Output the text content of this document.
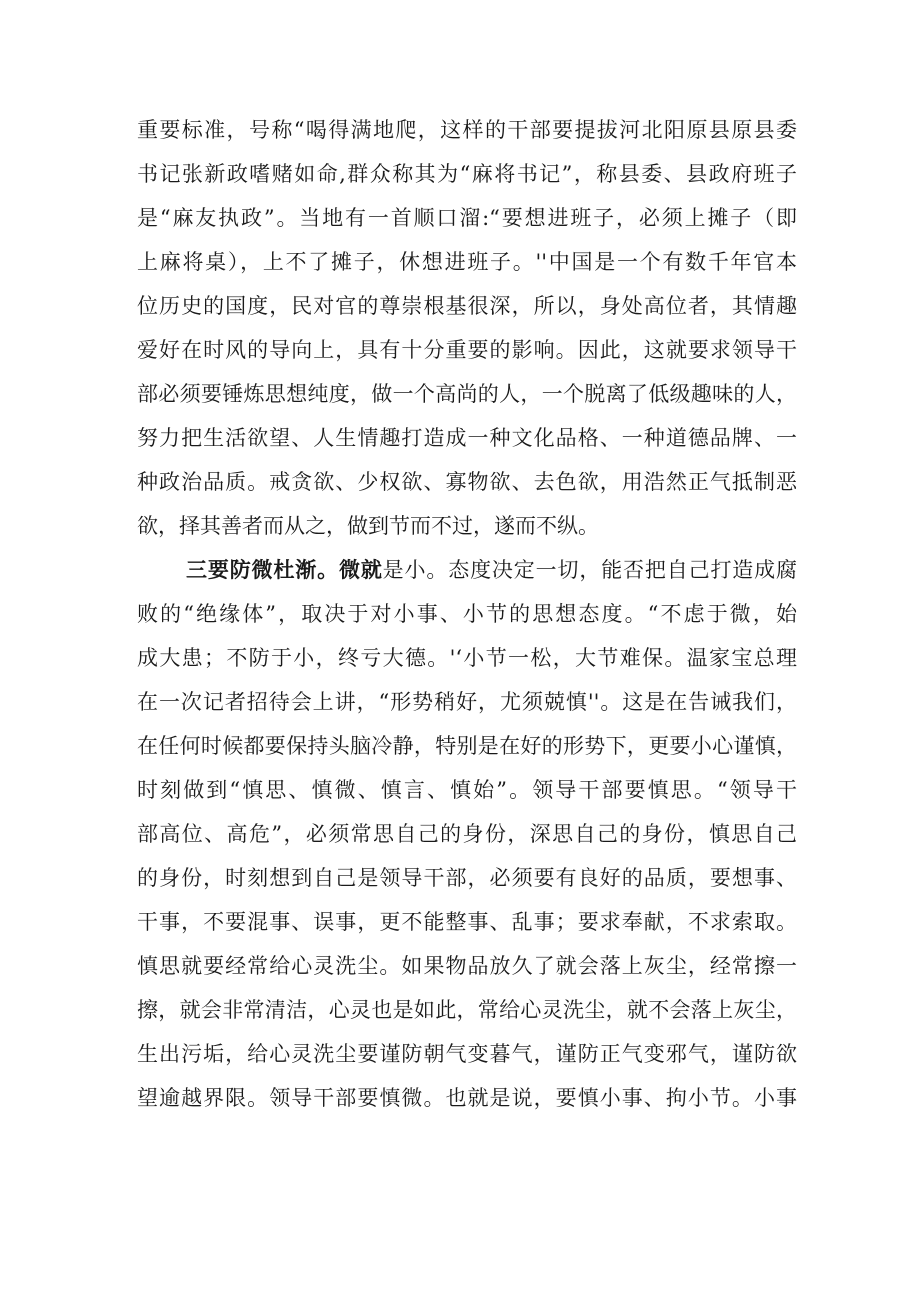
重要标准，号称“喝得满地爬，这样的干部要提拔河北阳原县原县委
书记张新政嗜赌如命,群众称其为“麻将书记”，称县委、县政府班子
是“麻友执政”。当地有一首顺口溜:“要想进班子，必须上摊子（即
上麻将桌），上不了摊子，休想进班子。''中国是一个有数千年官本
位历史的国度，民对官的尊崇根基很深，所以，身处高位者，其情趣
爱好在时风的导向上，具有十分重要的影响。因此，这就要求领导干
部必须要锤炼思想纯度，做一个高尚的人，一个脱离了低级趣味的人，
努力把生活欲望、人生情趣打造成一种文化品格、一种道德品牌、一
种政治品质。戒贪欲、少权欲、寡物欲、去色欲，用浩然正气抵制恶
欲，择其善者而从之，做到节而不过，遂而不纵。
三要防微杜渐。微就是小。态度决定一切，能否把自己打造成腐
败的“绝缘体”，取决于对小事、小节的思想态度。“不虑于微，始
成大患；不防于小，终亏大德。'‘小节一松，大节难保。温家宝总理
在一次记者招待会上讲，“形势稍好，尤须兢慎''。这是在告诫我们，
在任何时候都要保持头脑冷静，特别是在好的形势下，更要小心谨慎，
时刻做到“慎思、慎微、慎言、慎始”。领导干部要慎思。“领导干
部高位、高危”，必须常思自己的身份，深思自己的身份，慎思自己
的身份，时刻想到自己是领导干部，必须要有良好的品质，要想事、
干事，不要混事、误事，更不能整事、乱事；要求奉献，不求索取。
慎思就要经常给心灵洗尘。如果物品放久了就会落上灰尘，经常擦一
擦，就会非常清洁，心灵也是如此，常给心灵洗尘，就不会落上灰尘，
生出污垢，给心灵洗尘要谨防朝气变暮气，谨防正气变邪气，谨防欲
望逾越界限。领导干部要慎微。也就是说，要慎小事、拘小节。小事
